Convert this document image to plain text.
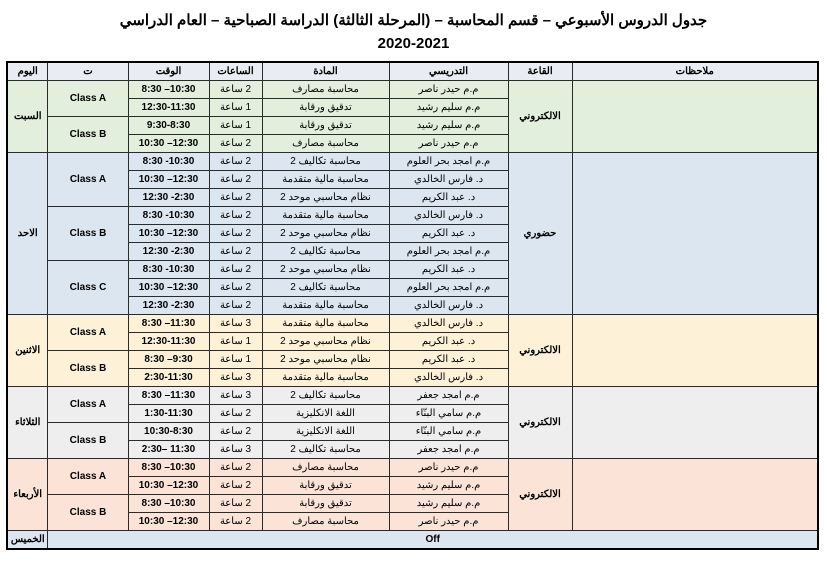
جدول الدروس الأسبوعي – قسم المحاسبة – (المرحلة الثالثة) الدراسة الصباحية – العام الدراسي
2020-2021
ملاحظات	القاعة	التدريسي	المادة	الساعات	الوقت	ت	اليوم
	الالكتروني	م.م حيدر ناصر	محاسبة مصارف	2 ساعة	8:30 –10:30	Class A	السبت
		م.م سليم رشيد	تدقيق ورقابة	1 ساعة	12:30-11:30		
		م.م سليم رشيد	تدقيق ورقابة	1 ساعة	9:30-8:30	Class B	
		م.م حيدر ناصر	محاسبة مصارف	2 ساعة	10:30 –12:30		
	حضوري	م.م امجد بحر العلوم	محاسبة تكاليف 2	2 ساعة	8:30 -10:30	Class A	الاحد
		د. فارس الخالدي	محاسبة مالية متقدمة	2 ساعة	10:30 –12:30		
		د. عبد الكريم	نظام محاسبي موحد 2	2 ساعة	12:30 -2:30		
		د. فارس الخالدي	محاسبة مالية متقدمة	2 ساعة	8:30 -10:30	Class B	
		د. عبد الكريم	نظام محاسبي موحد 2	2 ساعة	10:30 –12:30		
		م.م امجد بحر العلوم	محاسبة تكاليف 2	2 ساعة	12:30 -2:30		
		د. عبد الكريم	نظام محاسبي موحد 2	2 ساعة	8:30 -10:30	Class C	
		م.م امجد بحر العلوم	محاسبة تكاليف 2	2 ساعة	10:30 –12:30		
		د. فارس الخالدي	محاسبة مالية متقدمة	2 ساعة	12:30 -2:30		
	الالكتروني	د. فارس الخالدي	محاسبة مالية متقدمة	3 ساعة	8:30 –11:30	Class A	الاثنين
		د. عبد الكريم	نظام محاسبي موحد 2	1 ساعة	12:30-11:30		
		د. عبد الكريم	نظام محاسبي موحد 2	1 ساعة	8:30 –9:30	Class B	
		د. فارس الخالدي	محاسبة مالية متقدمة	3 ساعة	2:30-11:30		
	الالكتروني	م.م امجد جعفر	محاسبة تكاليف 2	3 ساعة	8:30 –11:30	Class A	الثلاثاء
		م.م سامي البنّاء	اللغة الانكليزية	2 ساعة	1:30-11:30		
		م.م سامي البنّاء	اللغة الانكليزية	2 ساعة	10:30-8:30	Class B	
		م.م امجد جعفر	محاسبة تكاليف 2	3 ساعة	2:30– 11:30		
	الالكتروني	م.م حيدر ناصر	محاسبة مصارف	2 ساعة	8:30 –10:30	Class A	الأربعاء
		م.م سليم رشيد	تدقيق ورقابة	2 ساعة	10:30 –12:30		
		م.م سليم رشيد	تدقيق ورقابة	2 ساعة	8:30 –10:30	Class B	
		م.م حيدر ناصر	محاسبة مصارف	2 ساعة	10:30 –12:30		
Off							الخميس
